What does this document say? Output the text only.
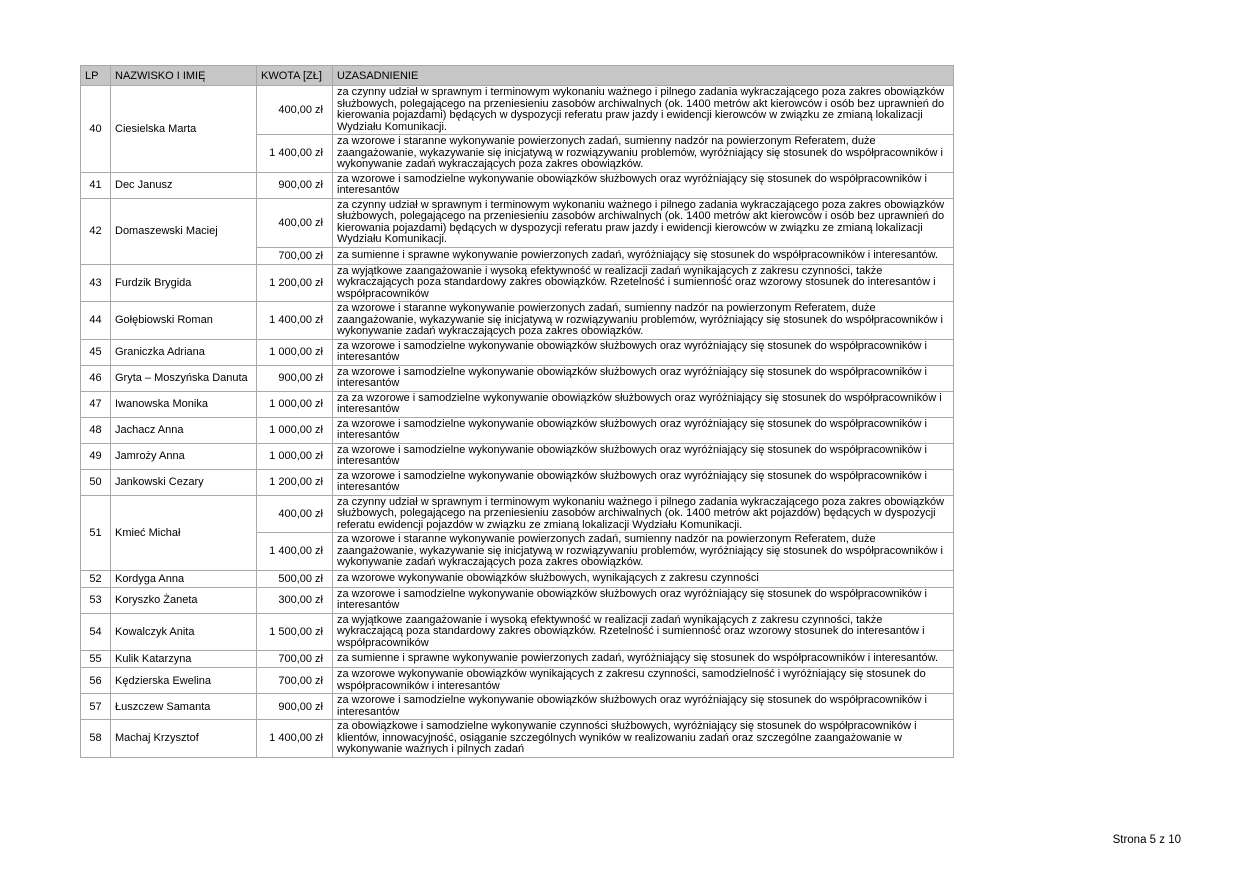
LP	NAZWISKO I IMIĘ	KWOTA [ZŁ]	UZASADNIENIE
40	Ciesielska Marta	400,00 zł	za czynny udział w sprawnym i terminowym wykonaniu ważnego i pilnego zadania wykraczającego poza zakres obowiązków służbowych, polegającego na przeniesieniu zasobów archiwalnych (ok. 1400 metrów akt kierowców i osób bez uprawnień do kierowania pojazdami) będących w dyspozycji referatu praw jazdy i ewidencji kierowców w związku ze zmianą lokalizacji Wydziału Komunikacji.
		1 400,00 zł	za wzorowe i staranne wykonywanie powierzonych zadań, sumienny nadzór na powierzonym Referatem, duże zaangażowanie, wykazywanie się inicjatywą w rozwiązywaniu problemów, wyróżniający się stosunek do współpracowników i wykonywanie zadań wykraczających poza zakres obowiązków.
41	Dec Janusz	900,00 zł	za wzorowe i samodzielne wykonywanie obowiązków służbowych oraz wyróżniający się stosunek do współpracowników i interesantów
42	Domaszewski Maciej	400,00 zł	za czynny udział w sprawnym i terminowym wykonaniu ważnego i pilnego zadania wykraczającego poza zakres obowiązków służbowych, polegającego na przeniesieniu zasobów archiwalnych (ok. 1400 metrów akt kierowców i osób bez uprawnień do kierowania pojazdami) będących w dyspozycji referatu praw jazdy i ewidencji kierowców w związku ze zmianą lokalizacji Wydziału Komunikacji.
		700,00 zł	za sumienne i sprawne wykonywanie powierzonych zadań, wyróżniający się stosunek do współpracowników i interesantów.
43	Furdzik Brygida	1 200,00 zł	za wyjątkowe zaangażowanie i wysoką efektywność w realizacji zadań wynikających z zakresu czynności, także wykraczających poza standardowy zakres obowiązków. Rzetelność i sumienność oraz wzorowy stosunek do interesantów i współpracowników
44	Gołębiowski Roman	1 400,00 zł	za wzorowe i staranne wykonywanie powierzonych zadań, sumienny nadzór na powierzonym Referatem, duże zaangażowanie, wykazywanie się inicjatywą w rozwiązywaniu problemów, wyróżniający się stosunek do współpracowników i wykonywanie zadań wykraczających poza zakres obowiązków.
45	Graniczka Adriana	1 000,00 zł	za wzorowe i samodzielne wykonywanie obowiązków służbowych oraz wyróżniający się stosunek do współpracowników i interesantów
46	Gryta – Moszyńska Danuta	900,00 zł	za wzorowe i samodzielne wykonywanie obowiązków służbowych oraz wyróżniający się stosunek do współpracowników i interesantów
47	Iwanowska Monika	1 000,00 zł	za za wzorowe i samodzielne wykonywanie obowiązków służbowych oraz wyróżniający się stosunek do współpracowników i interesantów
48	Jachacz Anna	1 000,00 zł	za wzorowe i samodzielne wykonywanie obowiązków służbowych oraz wyróżniający się stosunek do współpracowników i interesantów
49	Jamroży Anna	1 000,00 zł	za wzorowe i samodzielne wykonywanie obowiązków służbowych oraz wyróżniający się stosunek do współpracowników i interesantów
50	Jankowski Cezary	1 200,00 zł	za wzorowe i samodzielne wykonywanie obowiązków służbowych oraz wyróżniający się stosunek do współpracowników i interesantów
51	Kmieć Michał	400,00 zł	za czynny udział w sprawnym i terminowym wykonaniu ważnego i pilnego zadania wykraczającego poza zakres obowiązków służbowych, polegającego na przeniesieniu zasobów archiwalnych (ok. 1400 metrów akt pojazdów) będących w dyspozycji referatu ewidencji pojazdów w związku ze zmianą lokalizacji Wydziału Komunikacji.
		1 400,00 zł	za wzorowe i staranne wykonywanie powierzonych zadań, sumienny nadzór na powierzonym Referatem, duże zaangażowanie, wykazywanie się inicjatywą w rozwiązywaniu problemów, wyróżniający się stosunek do współpracowników i wykonywanie zadań wykraczających poza zakres obowiązków.
52	Kordyga Anna	500,00 zł	za wzorowe wykonywanie obowiązków służbowych, wynikających z zakresu czynności
53	Koryszko Żaneta	300,00 zł	za wzorowe i samodzielne wykonywanie obowiązków służbowych oraz wyróżniający się stosunek do współpracowników i interesantów
54	Kowalczyk Anita	1 500,00 zł	za wyjątkowe zaangażowanie i wysoką efektywność w realizacji zadań wynikających z zakresu czynności, także wykraczającą poza standardowy zakres obowiązków. Rzetelność i sumienność oraz wzorowy stosunek do interesantów i współpracowników
55	Kulik Katarzyna	700,00 zł	za sumienne i sprawne wykonywanie powierzonych zadań, wyróżniający się stosunek do współpracowników i interesantów.
56	Kędzierska Ewelina	700,00 zł	za wzorowe wykonywanie obowiązków wynikających z zakresu czynności, samodzielność i wyróżniający się stosunek do współpracowników i interesantów
57	Łuszczew Samanta	900,00 zł	za wzorowe i samodzielne wykonywanie obowiązków służbowych oraz wyróżniający się stosunek do współpracowników i interesantów
58	Machaj Krzysztof	1 400,00 zł	za obowiązkowe i samodzielne wykonywanie czynności służbowych, wyróżniający się stosunek do współpracowników i klientów, innowacyjność, osiąganie szczególnych wyników w realizowaniu zadań oraz szczególne zaangażowanie w wykonywanie ważnych i pilnych zadań
Strona 5 z 10
